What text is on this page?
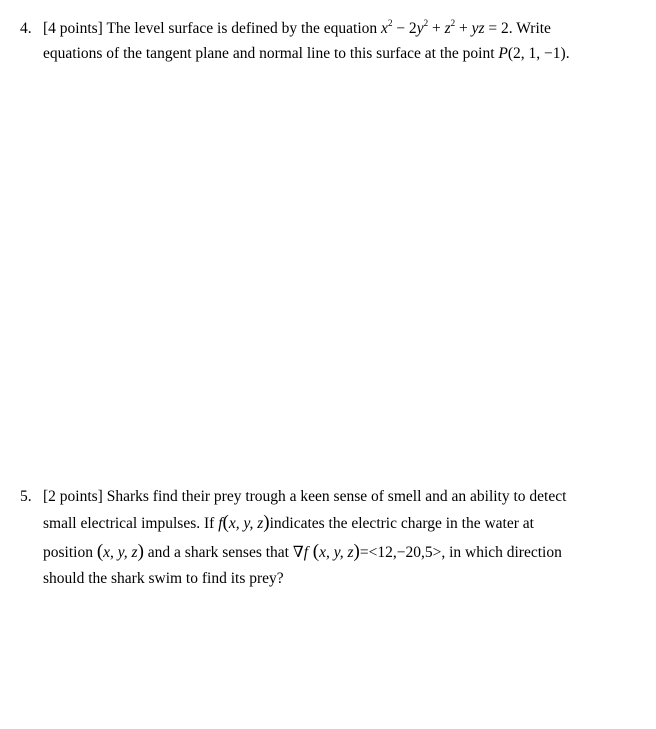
4. [4 points] The level surface is defined by the equation $x^2 - 2y^2 + z^2$ + yz = 2. Write
equations of the tangent plane and normal line to this surface at the point P(2, 1, −1).
5. [2 points] Sharks find their prey trough a keen sense of smell and an ability to detect
small electrical impulses. If f(x, y, z)indicates the electric charge in the water at
position (x, y, z) and a shark senses that ∇f (x, y, z)=<12,−20,5>, in which direction
should the shark swim to find its prey?
